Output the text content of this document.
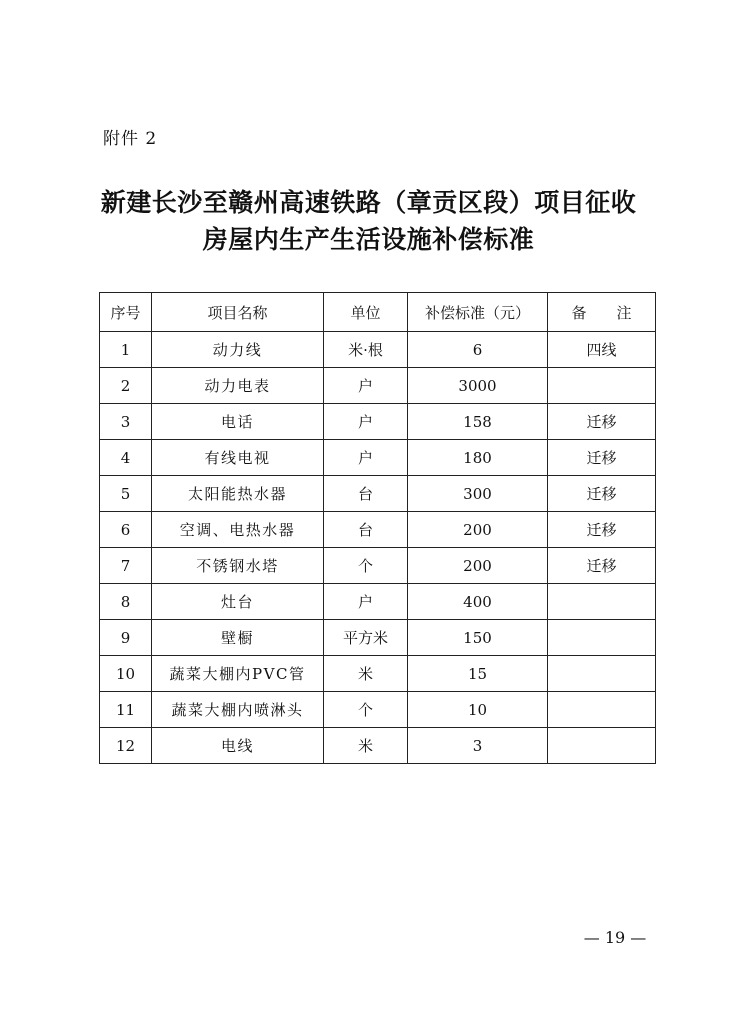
附件 2
新建长沙至赣州高速铁路（章贡区段）项目征收
房屋内生产生活设施补偿标准
序号	项目名称	单位	补偿标准（元）	备　　注
1	动力线	米·根	6	四线
2	动力电表	户	3000	
3	电话	户	158	迁移
4	有线电视	户	180	迁移
5	太阳能热水器	台	300	迁移
6	空调、电热水器	台	200	迁移
7	不锈钢水塔	个	200	迁移
8	灶台	户	400	
9	壁橱	平方米	150	
10	蔬菜大棚内PVC管	米	15	
11	蔬菜大棚内喷淋头	个	10	
12	电线	米	3	
— 19 —
